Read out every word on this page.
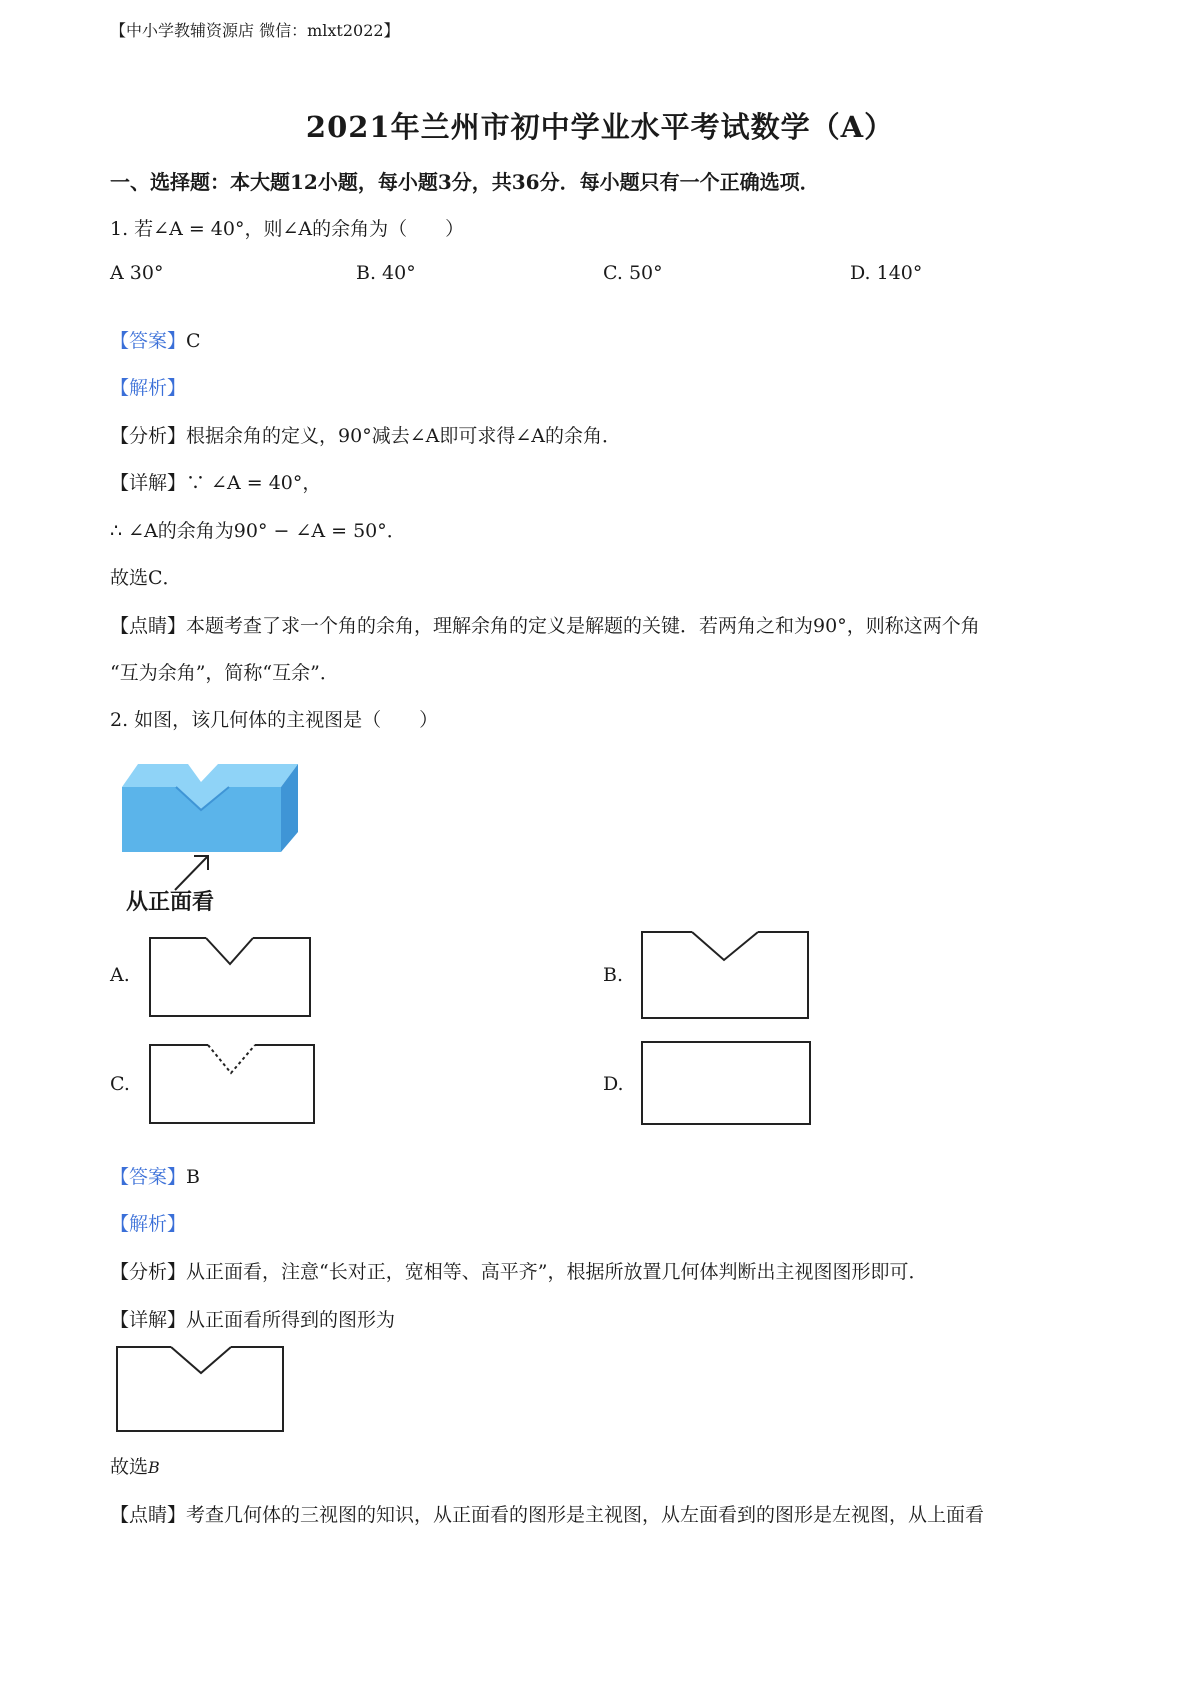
【中小学教辅资源店 微信：mlxt2022】
2021年兰州市初中学业水平考试数学（A）
一、选择题：本大题12小题，每小题3分，共36分．每小题只有一个正确选项．
1. 若∠A = 40°，则∠A的余角为（　　）
A 30°	B. 40°	C. 50°	D. 140°
【答案】C
【解析】
【分析】根据余角的定义，90°减去∠A即可求得∠A的余角．
【详解】∵ ∠A = 40°，
∴ ∠A的余角为90° − ∠A = 50°．
故选C．
【点睛】本题考查了求一个角的余角，理解余角的定义是解题的关键．若两角之和为90°，则称这两个角
“互为余角”，简称“互余”．
2. 如图，该几何体的主视图是（　　）
从正面看
A.	B.
C.	D.
【答案】B
【解析】
【分析】从正面看，注意“长对正，宽相等、高平齐”，根据所放置几何体判断出主视图图形即可．
【详解】从正面看所得到的图形为
故选B
【点睛】考查几何体的三视图的知识，从正面看的图形是主视图，从左面看到的图形是左视图，从上面看
